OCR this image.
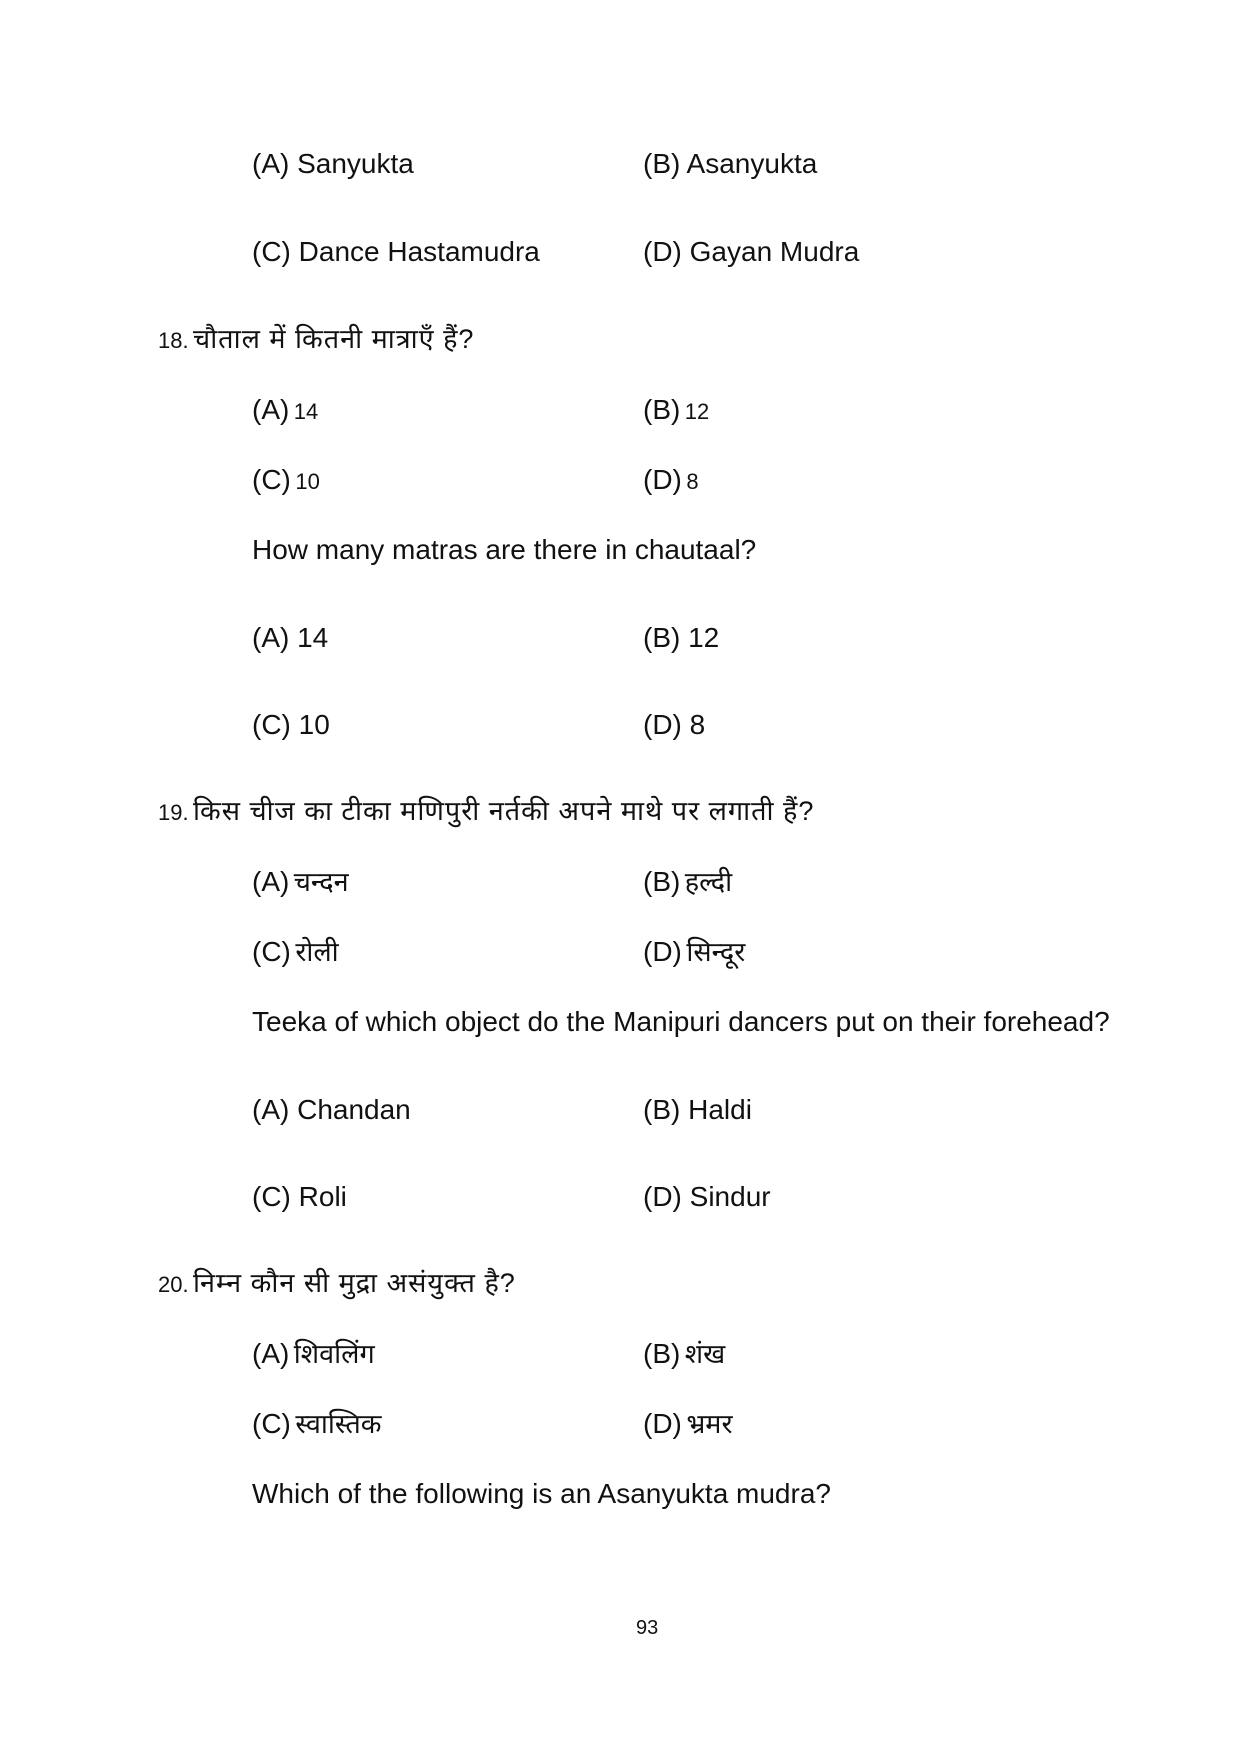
(A) Sanyukta	(B) Asanyukta
(C) Dance Hastamudra	(D) Gayan Mudra
18. चौताल में कितनी मात्राएँ हैं?
(A) 14	(B) 12
(C) 10	(D) 8
How many matras are there in chautaal?
(A) 14	(B) 12
(C) 10	(D) 8
19. किस चीज का टीका मणिपुरी नर्तकी अपने माथे पर लगाती हैं?
(A) चन्दन	(B) हल्दी
(C) रोली	(D) सिन्दूर
Teeka of which object do the Manipuri dancers put on their forehead?
(A) Chandan	(B) Haldi
(C) Roli	(D) Sindur
20. निम्न कौन सी मुद्रा असंयुक्त है?
(A) शिवलिंग	(B) शंख
(C) स्वास्तिक	(D) भ्रमर
Which of the following is an Asanyukta mudra?
93
